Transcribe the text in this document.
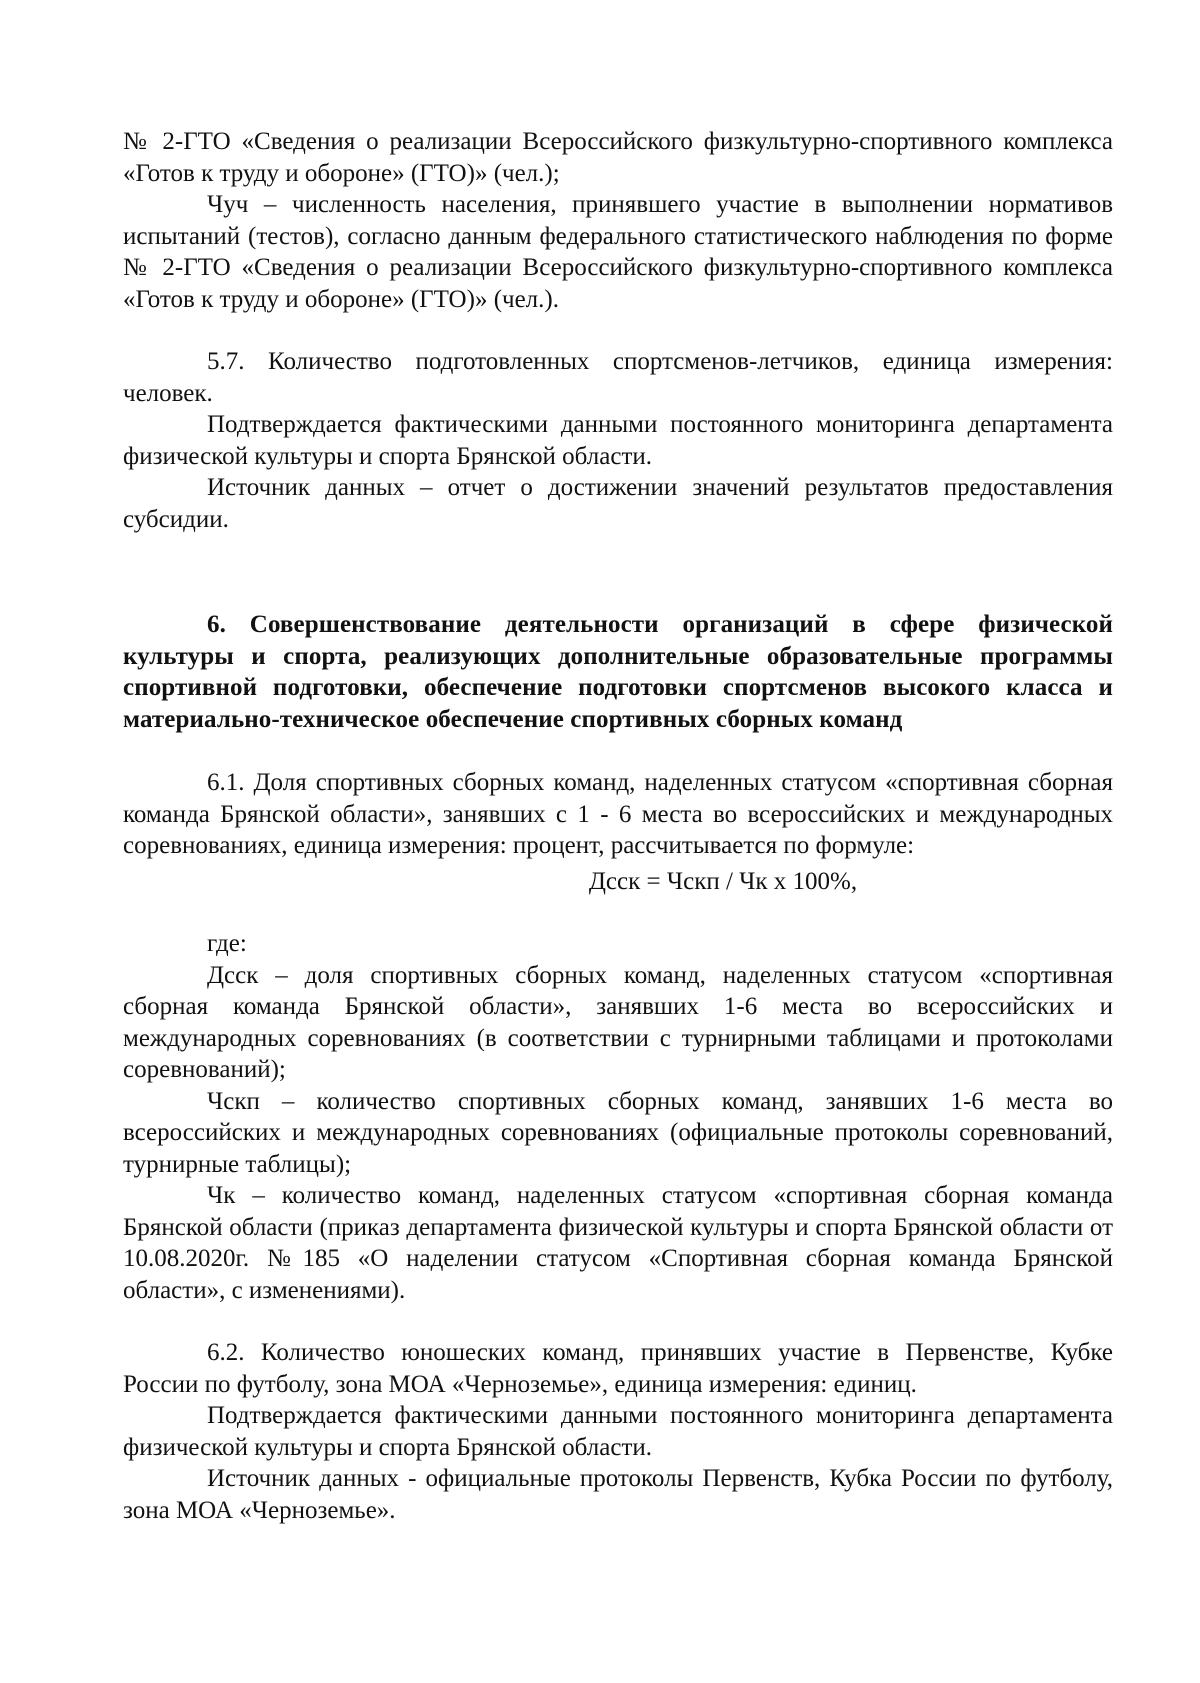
№ 2-ГТО «Сведения о реализации Всероссийского физкультурно-спортивного комплекса «Готов к труду и обороне» (ГТО)» (чел.);

Чуч – численность населения, принявшего участие в выполнении нормативов испытаний (тестов), согласно данным федерального статистического наблюдения по форме № 2-ГТО «Сведения о реализации Всероссийского физкультурно-спортивного комплекса «Готов к труду и обороне» (ГТО)» (чел.).

5.7. Количество подготовленных спортсменов-летчиков, единица измерения: человек.

Подтверждается фактическими данными постоянного мониторинга департамента физической культуры и спорта Брянской области.

Источник данных – отчет о достижении значений результатов предоставления субсидии.

6. Совершенствование деятельности организаций в сфере физической культуры и спорта, реализующих дополнительные образовательные программы спортивной подготовки, обеспечение подготовки спортсменов высокого класса и материально-техническое обеспечение спортивных сборных команд

6.1. Доля спортивных сборных команд, наделенных статусом «спортивная сборная команда Брянской области», занявших с 1 - 6 места во всероссийских и международных соревнованиях, единица измерения: процент, рассчитывается по формуле:

Дсск = Чскп / Чк х 100%,

где:

Дсск – доля спортивных сборных команд, наделенных статусом «спортивная сборная команда Брянской области», занявших 1-6 места во всероссийских и международных соревнованиях (в соответствии с турнирными таблицами и протоколами соревнований);

Чскп – количество спортивных сборных команд, занявших 1-6 места во всероссийских и международных соревнованиях (официальные протоколы соревнований, турнирные таблицы);

Чк – количество команд, наделенных статусом «спортивная сборная команда Брянской области (приказ департамента физической культуры и спорта Брянской области от 10.08.2020г. №185 «О наделении статусом «Спортивная сборная команда Брянской области», с изменениями).

6.2. Количество юношеских команд, принявших участие в Первенстве, Кубке России по футболу, зона МОА «Черноземье», единица измерения: единиц.

Подтверждается фактическими данными постоянного мониторинга департамента физической культуры и спорта Брянской области.

Источник данных - официальные протоколы Первенств, Кубка России по футболу, зона МОА «Черноземье».
